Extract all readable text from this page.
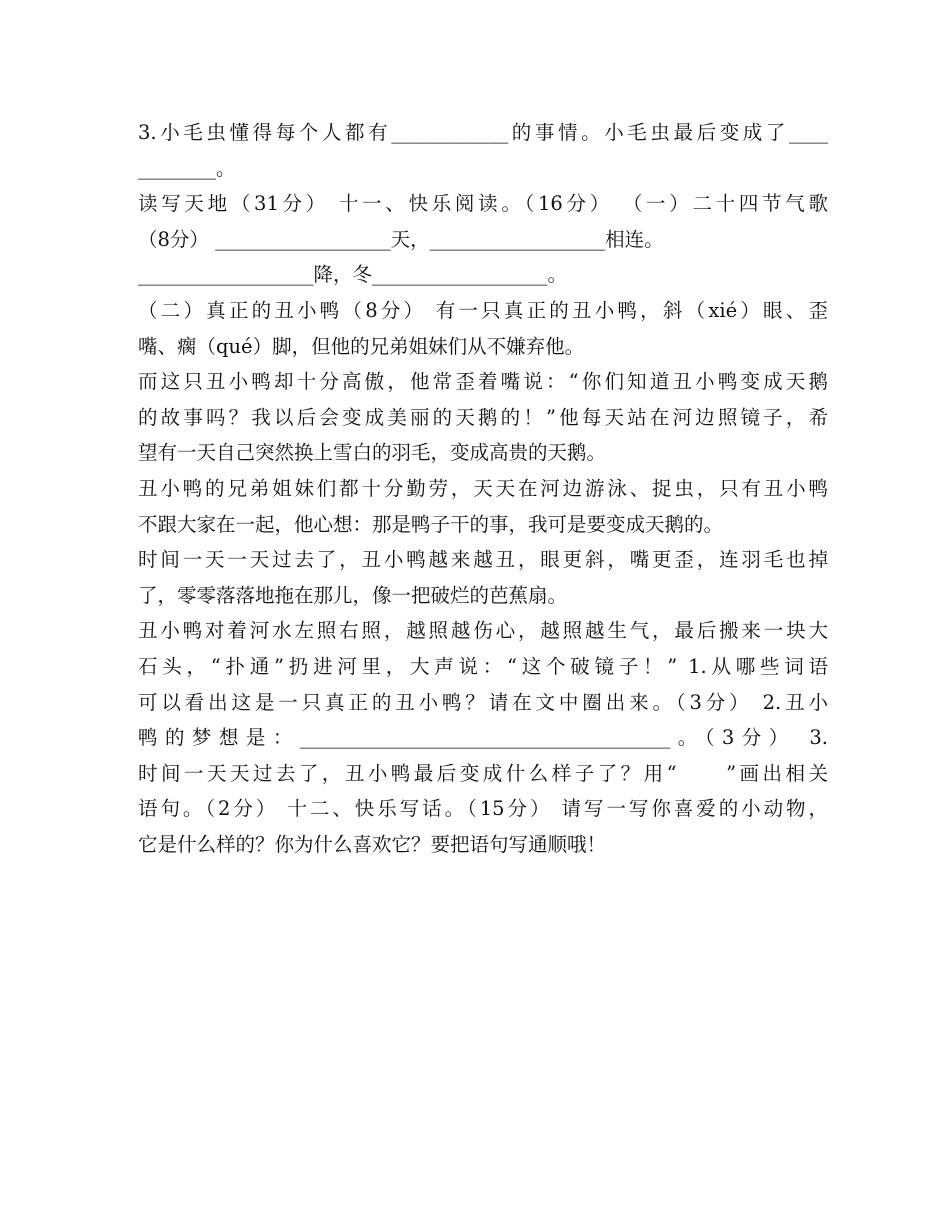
3.小毛虫懂得每个人都有____________的事情。小毛虫最后变成了____
________。
读写天地（31分） 十一、快乐阅读。（16分） （一）二十四节气歌
（8分） __________________天，__________________相连。
__________________降，冬__________________。
（二）真正的丑小鸭（8分） 有一只真正的丑小鸭，斜（xié）眼、歪
嘴、瘸（qué）脚，但他的兄弟姐妹们从不嫌弃他。
而这只丑小鸭却十分高傲，他常歪着嘴说：“你们知道丑小鸭变成天鹅
的故事吗？我以后会变成美丽的天鹅的！”他每天站在河边照镜子，希
望有一天自己突然换上雪白的羽毛，变成高贵的天鹅。
丑小鸭的兄弟姐妹们都十分勤劳，天天在河边游泳、捉虫，只有丑小鸭
不跟大家在一起，他心想：那是鸭子干的事，我可是要变成天鹅的。
时间一天一天过去了，丑小鸭越来越丑，眼更斜，嘴更歪，连羽毛也掉
了，零零落落地拖在那儿，像一把破烂的芭蕉扇。
丑小鸭对着河水左照右照，越照越伤心，越照越生气，最后搬来一块大
石头，“扑通”扔进河里，大声说：“这个破镜子！” 1.从哪些词语
可以看出这是一只真正的丑小鸭？请在文中圈出来。（3分） 2.丑小
鸭的梦想是：______________________________________。（3分） 3.
时间一天天过去了，丑小鸭最后变成什么样子了？用“　　”画出相关
语句。（2分） 十二、快乐写话。（15分） 请写一写你喜爱的小动物，
它是什么样的？你为什么喜欢它？要把语句写通顺哦！
